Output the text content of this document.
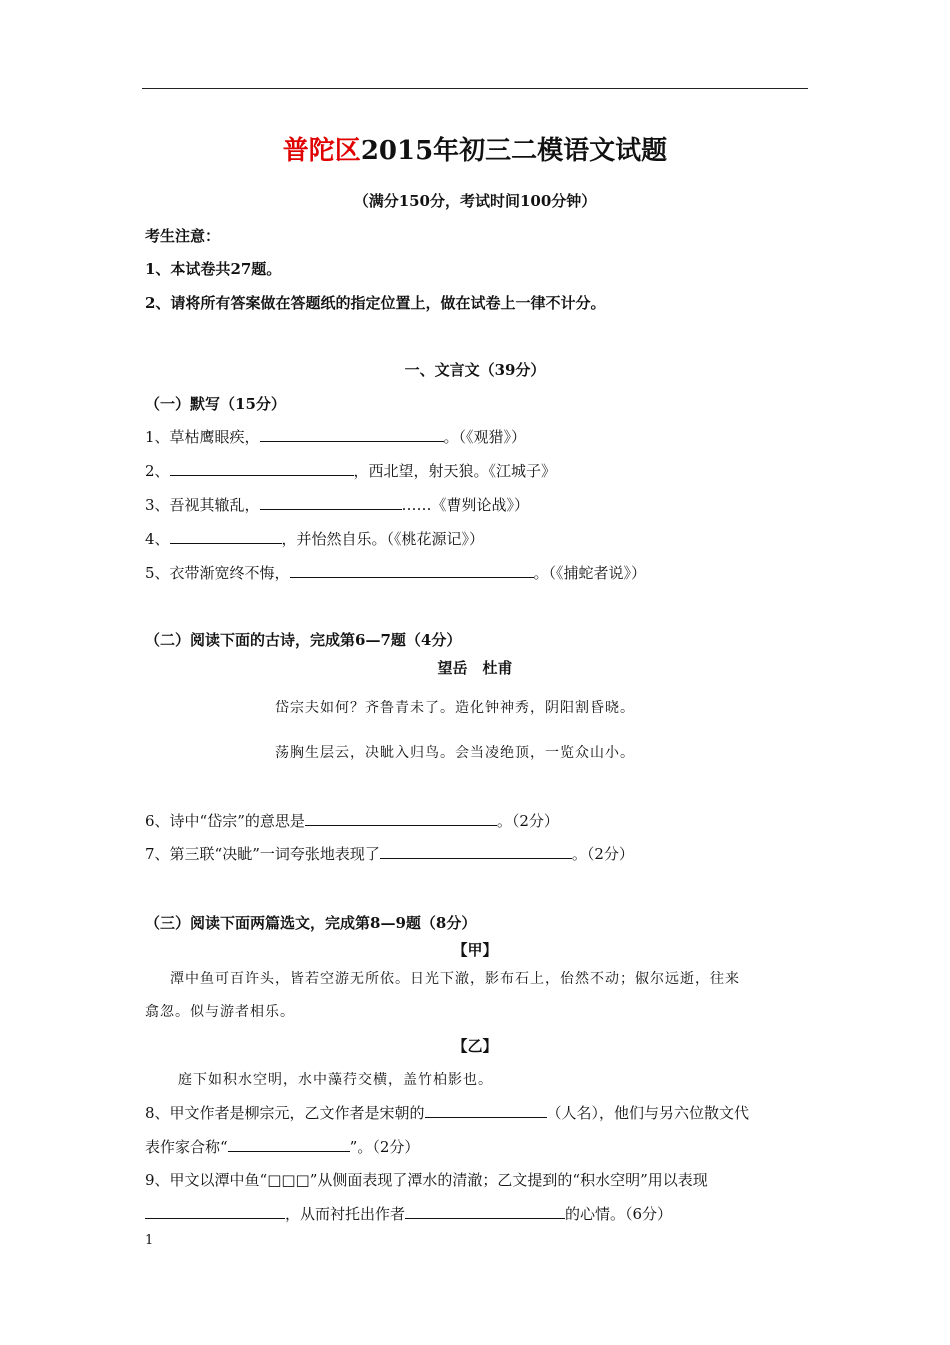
普陀区2015年初三二模语文试题
（满分150分，考试时间100分钟）
考生注意：
1、本试卷共27题。
2、请将所有答案做在答题纸的指定位置上，做在试卷上一律不计分。
一、文言文（39分）
（一）默写（15分）
1、草枯鹰眼疾，	。（《观猎》）
2、	，西北望，射天狼。《江城子》
3、吾视其辙乱，	……《曹刿论战》）
4、	，并怡然自乐。（《桃花源记》）
5、衣带渐宽终不悔，	。（《捕蛇者说》）
（二）阅读下面的古诗，完成第6—7题（4分）
望岳　杜甫
岱宗夫如何？齐鲁青未了。造化钟神秀，阴阳割昏晓。
荡胸生层云，决眦入归鸟。会当凌绝顶，一览众山小。
6、诗中“岱宗”的意思是	。（2分）
7、第三联“决眦”一词夸张地表现了	。（2分）
（三）阅读下面两篇选文，完成第8—9题（8分）
【甲】
潭中鱼可百许头，皆若空游无所依。日光下澈，影布石上，佁然不动；俶尔远逝，往来
翕忽。似与游者相乐。
【乙】
庭下如积水空明，水中藻荇交横，盖竹柏影也。
8、甲文作者是柳宗元，乙文作者是宋朝的	（人名），他们与另六位散文代
表作家合称“	”。（2分）
9、甲文以潭中鱼“□□□”从侧面表现了潭水的清澈；乙文提到的“积水空明”用以表现
，从而衬托出作者	的心情。（6分）
1
